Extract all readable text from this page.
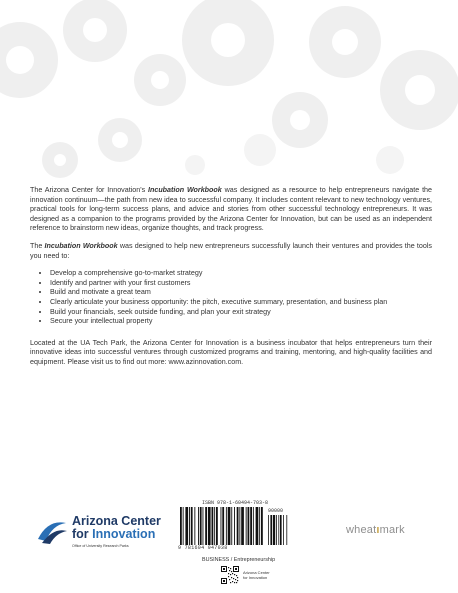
The Arizona Center for Innovation's Incubation Workbook was designed as a resource to help entrepreneurs navigate the innovation continuum—the path from new idea to successful company. It includes content relevant to new technology ventures, practical tools for long-term success plans, and advice and stories from other successful technology entrepreneurs. It was designed as a companion to the programs provided by the Arizona Center for Innovation, but can be used as an independent reference to brainstorm new ideas, organize thoughts, and track progress.

The Incubation Workbook was designed to help new entrepreneurs successfully launch their ventures and provides the tools you need to:

• Develop a comprehensive go-to-market strategy
• Identify and partner with your first customers
• Build and motivate a great team
• Clearly articulate your business opportunity: the pitch, executive summary, presentation, and business plan
• Build your financials, seek outside funding, and plan your exit strategy
• Secure your intellectual property

Located at the UA Tech Park, the Arizona Center for Innovation is a business incubator that helps entrepreneurs turn their innovative ideas into successful ventures through customized programs and training, mentoring, and high-quality facilities and equipment. Please visit us to find out more: www.azinnovation.com.

Arizona Center
for Innovation
Office of University Research Parks
ISBN 978-1-60494-703-8
90000
9 781604 947038
BUSINESS / Entrepreneurship
Arizona Center
for Innovation
wheatımark
